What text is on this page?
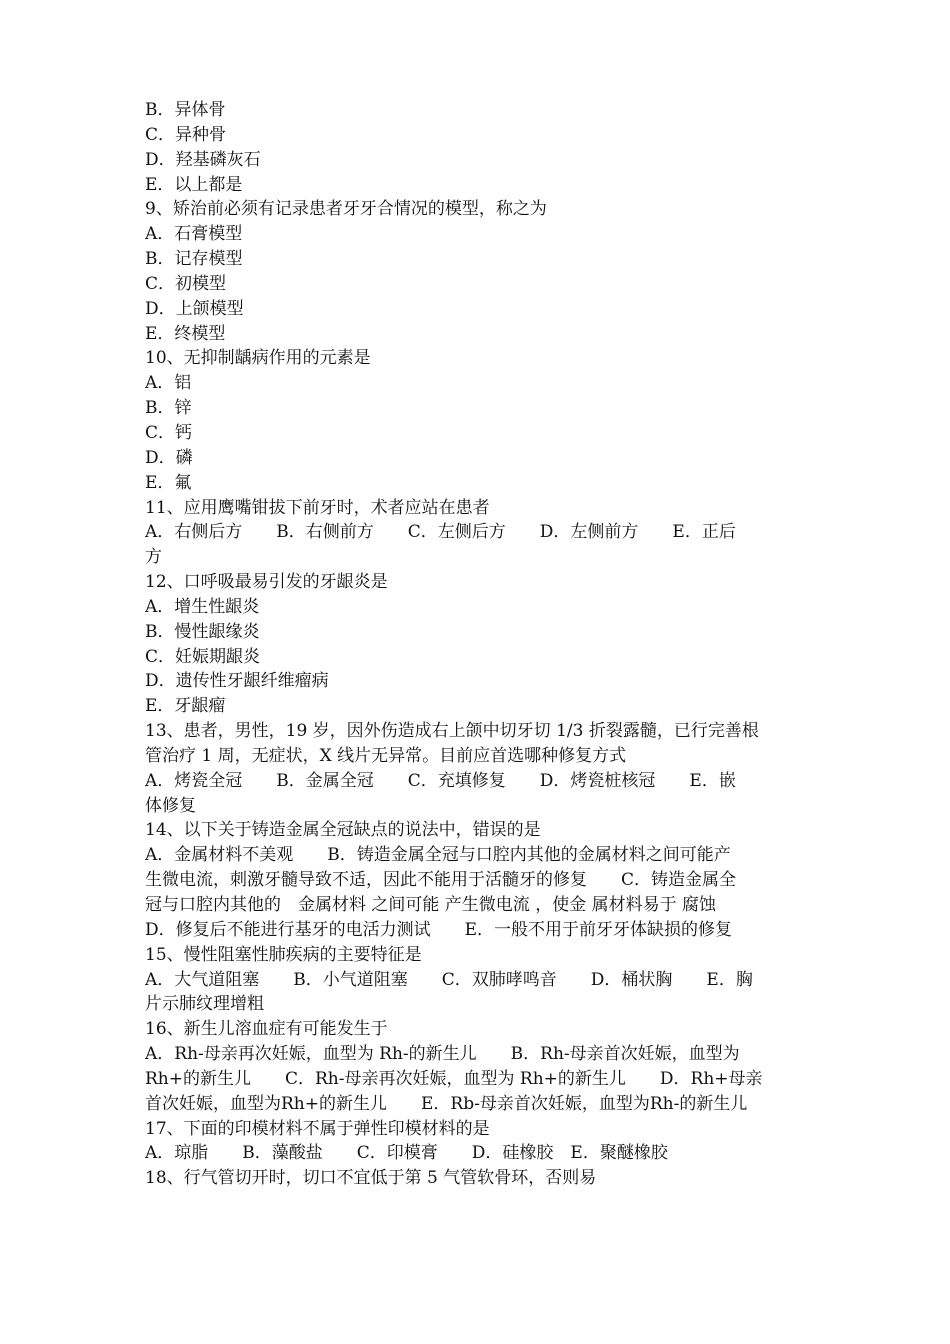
B．异体骨
C．异种骨
D．羟基磷灰石
E．以上都是
9、矫治前必须有记录患者牙牙合情况的模型，称之为
A．石膏模型
B．记存模型
C．初模型
D．上颌模型
E．终模型
10、无抑制龋病作用的元素是
A．铝
B．锌
C．钙
D．磷
E．氟
11、应用鹰嘴钳拔下前牙时，术者应站在患者
A．右侧后方　　B．右侧前方　　C．左侧后方　　D．左侧前方　　E．正后
方
12、口呼吸最易引发的牙龈炎是
A．增生性龈炎
B．慢性龈缘炎
C．妊娠期龈炎
D．遗传性牙龈纤维瘤病
E．牙龈瘤
13、患者，男性，19 岁，因外伤造成右上颌中切牙切 1/3 折裂露髓，已行完善根
管治疗 1 周，无症状，X 线片无异常。目前应首选哪种修复方式
A．烤瓷全冠　　B．金属全冠　　C．充填修复　　D．烤瓷桩核冠　　E．嵌
体修复
14、以下关于铸造金属全冠缺点的说法中，错误的是
A．金属材料不美观　　B．铸造金属全冠与口腔内其他的金属材料之间可能产
生微电流，刺激牙髓导致不适，因此不能用于活髓牙的修复　　C．铸造金属全
冠与口腔内其他的　金属材料 之间可能 产生微电流 ，使金 属材料易于 腐蚀
D．修复后不能进行基牙的电活力测试　　E．一般不用于前牙牙体缺损的修复
15、慢性阻塞性肺疾病的主要特征是
A．大气道阻塞　　B．小气道阻塞　　C．双肺哮鸣音　　D．桶状胸　　E．胸
片示肺纹理增粗
16、新生儿溶血症有可能发生于
A．Rh-母亲再次妊娠，血型为 Rh-的新生儿　　B．Rh-母亲首次妊娠，血型为
Rh+的新生儿　　C．Rh-母亲再次妊娠，血型为 Rh+的新生儿　　D．Rh+母亲
首次妊娠，血型为Rh+的新生儿　　E．Rb-母亲首次妊娠，血型为Rh-的新生儿
17、下面的印模材料不属于弹性印模材料的是
A．琼脂　　B．藻酸盐　　C．印模膏　　D．硅橡胶　E．聚醚橡胶
18、行气管切开时，切口不宜低于第 5 气管软骨环，否则易
